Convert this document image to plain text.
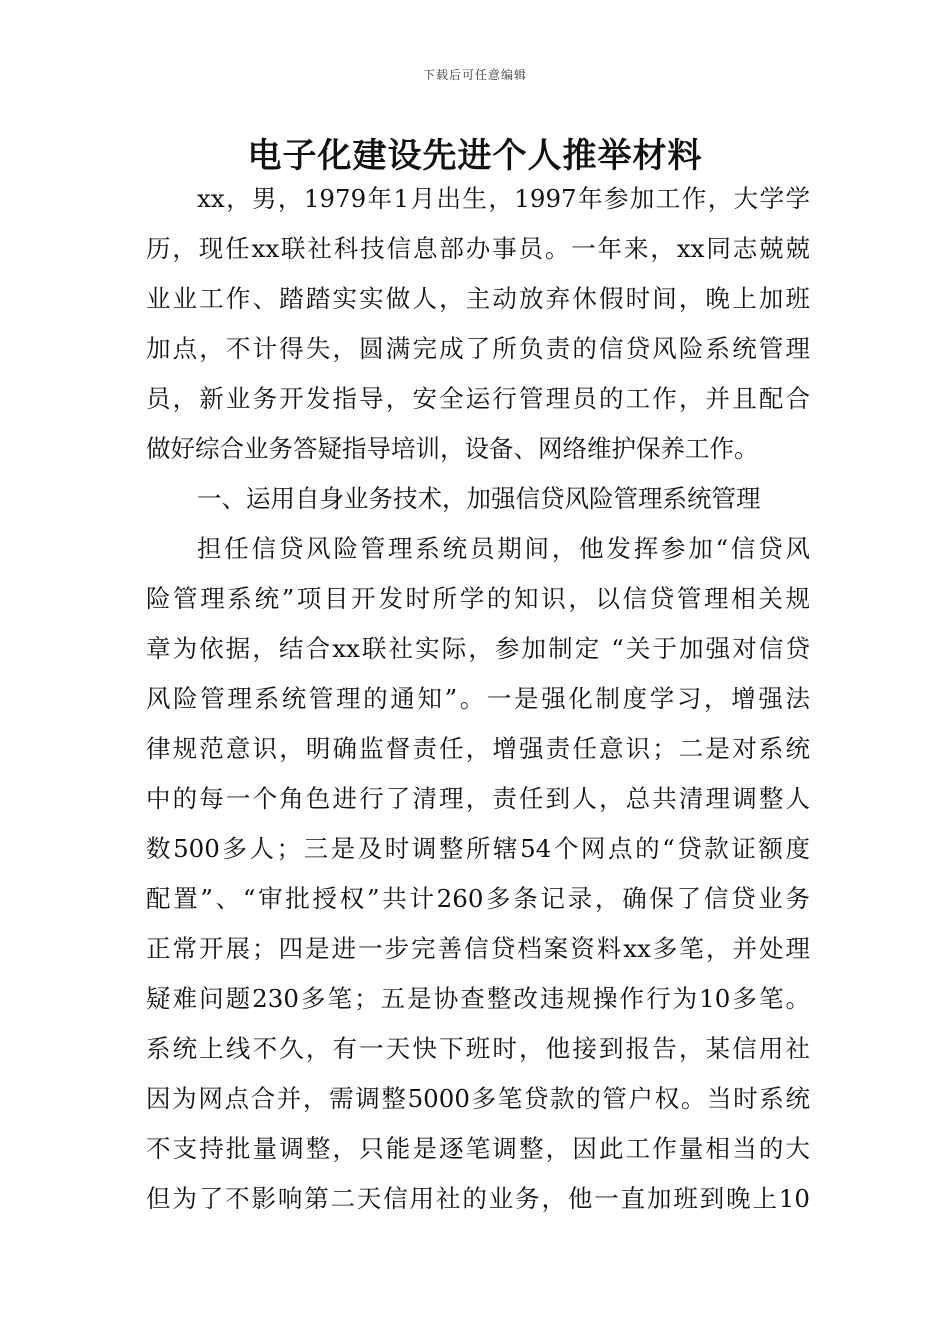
下载后可任意编辑
电子化建设先进个人推举材料
xx，男，1979年1月出生，1997年参加工作，大学学
历，现任xx联社科技信息部办事员。一年来，xx同志兢兢
业业工作、踏踏实实做人，主动放弃休假时间，晚上加班
加点，不计得失，圆满完成了所负责的信贷风险系统管理
员，新业务开发指导，安全运行管理员的工作，并且配合
做好综合业务答疑指导培训，设备、网络维护保养工作。
一、运用自身业务技术，加强信贷风险管理系统管理
担任信贷风险管理系统员期间，他发挥参加“信贷风
险管理系统”项目开发时所学的知识，以信贷管理相关规
章为依据，结合xx联社实际，参加制定 “关于加强对信贷
风险管理系统管理的通知”。一是强化制度学习，增强法
律规范意识，明确监督责任，增强责任意识；二是对系统
中的每一个角色进行了清理，责任到人，总共清理调整人
数500多人；三是及时调整所辖54个网点的“贷款证额度
配置”、“审批授权”共计260多条记录，确保了信贷业务
正常开展；四是进一步完善信贷档案资料xx多笔，并处理
疑难问题230多笔；五是协查整改违规操作行为10多笔。
系统上线不久，有一天快下班时，他接到报告，某信用社
因为网点合并，需调整5000多笔贷款的管户权。当时系统
不支持批量调整，只能是逐笔调整，因此工作量相当的大
但为了不影响第二天信用社的业务，他一直加班到晚上10
